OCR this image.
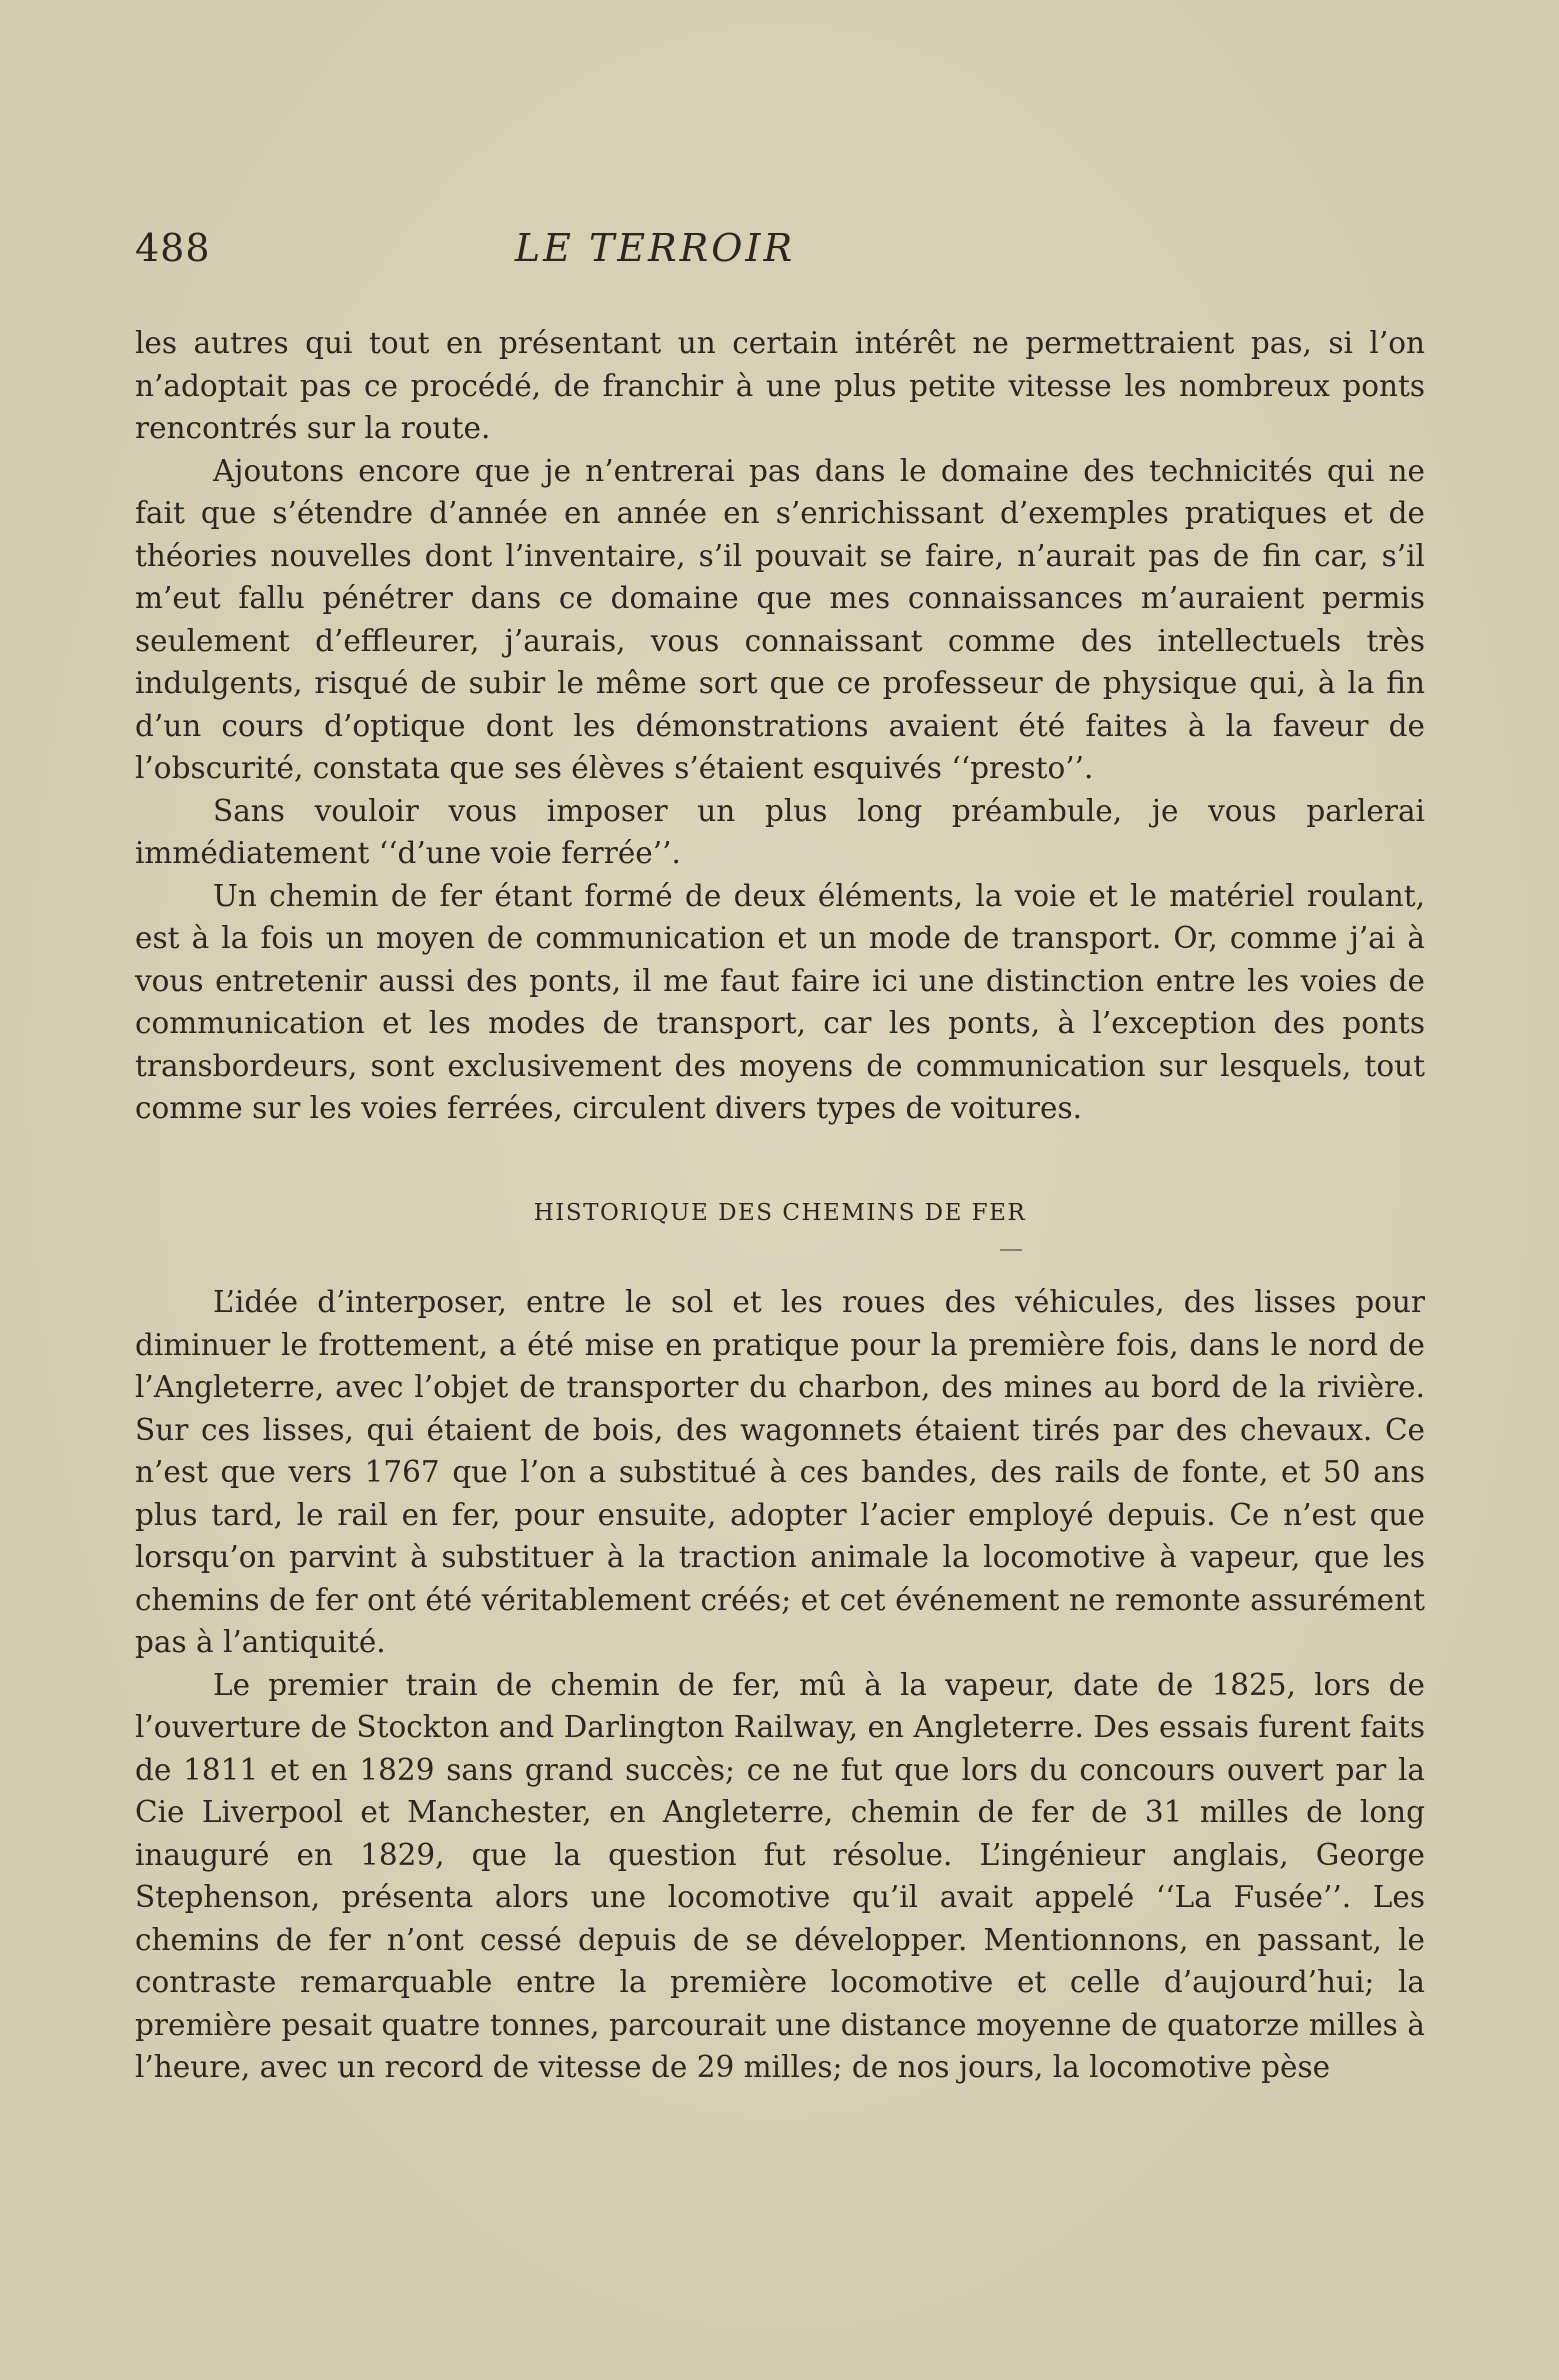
488	LE TERROIR

les autres qui tout en présentant un certain intérêt ne permettraient pas, si l’on n’adoptait pas ce procédé, de franchir à une plus petite vitesse les nombreux ponts rencontrés sur la route.

Ajoutons encore que je n’entrerai pas dans le domaine des technicités qui ne fait que s’étendre d’année en année en s’enrichissant d’exemples pratiques et de théories nouvelles dont l’inventaire, s’il pouvait se faire, n’aurait pas de fin car, s’il m’eut fallu pénétrer dans ce domaine que mes connaissances m’auraient permis seulement d’effleurer, j’aurais, vous connaissant comme des intellectuels très indulgents, risqué de subir le même sort que ce professeur de physique qui, à la fin d’un cours d’optique dont les démonstrations avaient été faites à la faveur de l’obscurité, constata que ses élèves s’étaient esquivés ‘‘presto’’.

Sans vouloir vous imposer un plus long préambule, je vous parlerai immédiatement ‘‘d’une voie ferrée’’.

Un chemin de fer étant formé de deux éléments, la voie et le matériel roulant, est à la fois un moyen de communication et un mode de transport. Or, comme j’ai à vous entretenir aussi des ponts, il me faut faire ici une distinction entre les voies de communication et les modes de transport, car les ponts, à l’exception des ponts transbordeurs, sont exclusivement des moyens de communication sur lesquels, tout comme sur les voies ferrées, circulent divers types de voitures.

HISTORIQUE DES CHEMINS DE FER

L’idée d’interposer, entre le sol et les roues des véhicules, des lisses pour diminuer le frottement, a été mise en pratique pour la première fois, dans le nord de l’Angleterre, avec l’objet de transporter du charbon, des mines au bord de la rivière. Sur ces lisses, qui étaient de bois, des wagonnets étaient tirés par des chevaux. Ce n’est que vers 1767 que l’on a substitué à ces bandes, des rails de fonte, et 50 ans plus tard, le rail en fer, pour ensuite, adopter l’acier employé depuis. Ce n’est que lorsqu’on parvint à substituer à la traction animale la locomotive à vapeur, que les chemins de fer ont été véritablement créés; et cet événement ne remonte assurément pas à l’antiquité.

Le premier train de chemin de fer, mû à la vapeur, date de 1825, lors de l’ouverture de Stockton and Darlington Railway, en Angleterre. Des essais furent faits de 1811 et en 1829 sans grand succès; ce ne fut que lors du concours ouvert par la Cie Liverpool et Manchester, en Angleterre, chemin de fer de 31 milles de long inauguré en 1829, que la question fut résolue. L’ingénieur anglais, George Stephenson, présenta alors une locomotive qu’il avait appelé ‘‘La Fusée’’. Les chemins de fer n’ont cessé depuis de se développer. Mentionnons, en passant, le contraste remarquable entre la première locomotive et celle d’aujourd’hui; la première pesait quatre tonnes, parcourait une distance moyenne de quatorze milles à l’heure, avec un record de vitesse de 29 milles; de nos jours, la locomotive pèse
